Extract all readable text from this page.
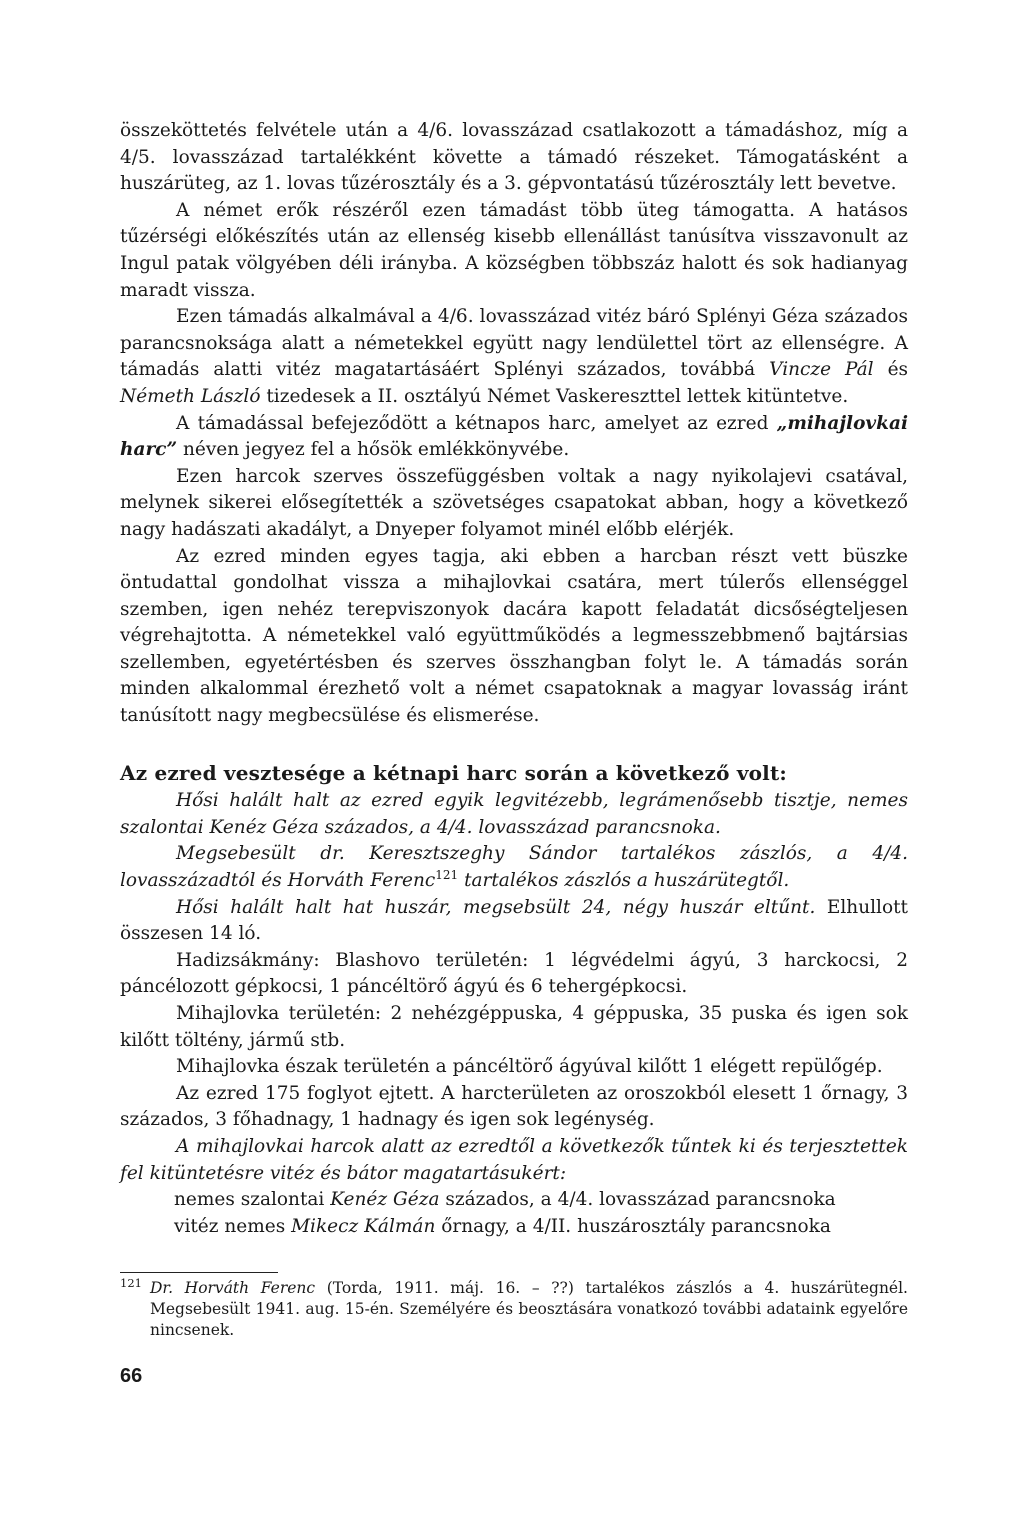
összeköttetés felvétele után a 4/6. lovasszázad csatlakozott a támadáshoz, míg a 4/5. lovasszázad tartalékként követte a támadó részeket. Támogatásként a huszárüteg, az 1. lovas tűzérosztály és a 3. gépvontatású tűzérosztály lett bevetve.

A német erők részéről ezen támadást több üteg támogatta. A hatásos tűzérségi előkészítés után az ellenség kisebb ellenállást tanúsítva visszavonult az Ingul patak völgyében déli irányba. A községben többszáz halott és sok hadianyag maradt vissza.

Ezen támadás alkalmával a 4/6. lovasszázad vitéz báró Splényi Géza százados parancsnoksága alatt a németekkel együtt nagy lendülettel tört az ellenségre. A támadás alatti vitéz magatartásáért Splényi százados, továbbá Vincze Pál és Németh László tizedesek a II. osztályú Német Vaskereszttel lettek kitüntetve.

A támadással befejeződött a kétnapos harc, amelyet az ezred „mihajlovkai harc” néven jegyez fel a hősök emlékkönyvébe.

Ezen harcok szerves összefüggésben voltak a nagy nyikolajevi csatával, melynek sikerei elősegítették a szövetséges csapatokat abban, hogy a következő nagy hadászati akadályt, a Dnyeper folyamot minél előbb elérjék.

Az ezred minden egyes tagja, aki ebben a harcban részt vett büszke öntudattal gondolhat vissza a mihajlovkai csatára, mert túlerős ellenséggel szemben, igen nehéz terepviszonyok dacára kapott feladatát dicsőségteljesen végrehajtotta. A németekkel való együttműködés a legmesszebbmenő bajtársias szellemben, egyetértésben és szerves összhangban folyt le. A támadás során minden alkalommal érezhető volt a német csapatoknak a magyar lovasság iránt tanúsított nagy megbecsülése és elismerése.

Az ezred vesztesége a kétnapi harc során a következő volt:

Hősi halált halt az ezred egyik legvitézebb, legrámenősebb tisztje, nemes szalontai Kenéz Géza százados, a 4/4. lovasszázad parancsnoka.

Megsebesült dr. Keresztszeghy Sándor tartalékos zászlós, a 4/4. lovasszázadtól és Horváth Ferenc$^{121}$ tartalékos zászlós a huszárütegtől.

Hősi halált halt hat huszár, megsebsült 24, négy huszár eltűnt. Elhullott összesen 14 ló.

Hadizsákmány: Blashovo területén: 1 légvédelmi ágyú, 3 harckocsi, 2 páncélozott gépkocsi, 1 páncéltörő ágyú és 6 tehergépkocsi.

Mihajlovka területén: 2 nehézgéppuska, 4 géppuska, 35 puska és igen sok kilőtt töltény, jármű stb.

Mihajlovka észak területén a páncéltörő ágyúval kilőtt 1 elégett repülőgép.

Az ezred 175 foglyot ejtett. A harcterületen az oroszokból elesett 1 őrnagy, 3 százados, 3 főhadnagy, 1 hadnagy és igen sok legénység.

A mihajlovkai harcok alatt az ezredtől a következők tűntek ki és terjesztettek fel kitüntetésre vitéz és bátor magatartásukért:

nemes szalontai Kenéz Géza százados, a 4/4. lovasszázad parancsnoka

vitéz nemes Mikecz Kálmán őrnagy, a 4/II. huszárosztály parancsnoka

121 Dr. Horváth Ferenc (Torda, 1911. máj. 16. – ??) tartalékos zászlós a 4. huszárütegnél. Megsebesült 1941. aug. 15-én. Személyére és beosztására vonatkozó további adataink egyelőre nincsenek.

66
